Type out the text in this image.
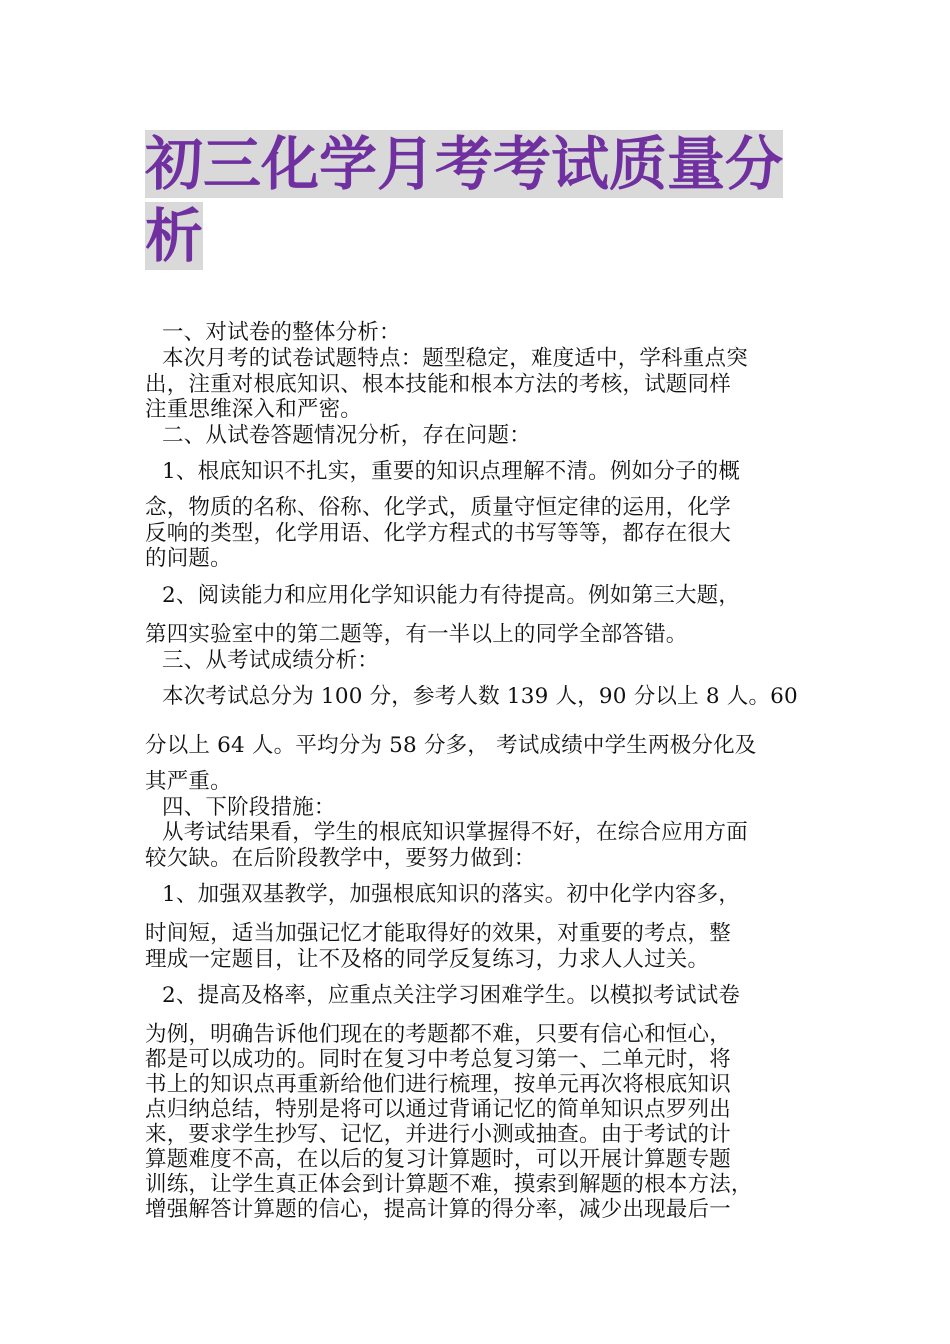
初三化学月考考试质量分
析
一、对试卷的整体分析：
本次月考的试卷试题特点：题型稳定，难度适中，学科重点突
出，注重对根底知识、根本技能和根本方法的考核，试题同样
注重思维深入和严密。
二、从试卷答题情况分析，存在问题：
1、根底知识不扎实，重要的知识点理解不清。例如分子的概
念，物质的名称、俗称、化学式，质量守恒定律的运用，化学
反响的类型，化学用语、化学方程式的书写等等，都存在很大
的问题。
2、阅读能力和应用化学知识能力有待提高。例如第三大题，
第四实验室中的第二题等，有一半以上的同学全部答错。
三、从考试成绩分析：
本次考试总分为 100 分，参考人数 139 人，90 分以上 8 人。60
分以上 64 人。平均分为 58 分多， 考试成绩中学生两极分化及
其严重。
四、下阶段措施：
从考试结果看，学生的根底知识掌握得不好，在综合应用方面
较欠缺。在后阶段教学中，要努力做到：
1、加强双基教学，加强根底知识的落实。初中化学内容多，
时间短，适当加强记忆才能取得好的效果，对重要的考点，整
理成一定题目，让不及格的同学反复练习，力求人人过关。
2、提高及格率，应重点关注学习困难学生。以模拟考试试卷
为例，明确告诉他们现在的考题都不难，只要有信心和恒心，
都是可以成功的。同时在复习中考总复习第一、二单元时，将
书上的知识点再重新给他们进行梳理，按单元再次将根底知识
点归纳总结，特别是将可以通过背诵记忆的简单知识点罗列出
来，要求学生抄写、记忆，并进行小测或抽查。由于考试的计
算题难度不高，在以后的复习计算题时，可以开展计算题专题
训练，让学生真正体会到计算题不难，摸索到解题的根本方法，
增强解答计算题的信心，提高计算的得分率，减少出现最后一
